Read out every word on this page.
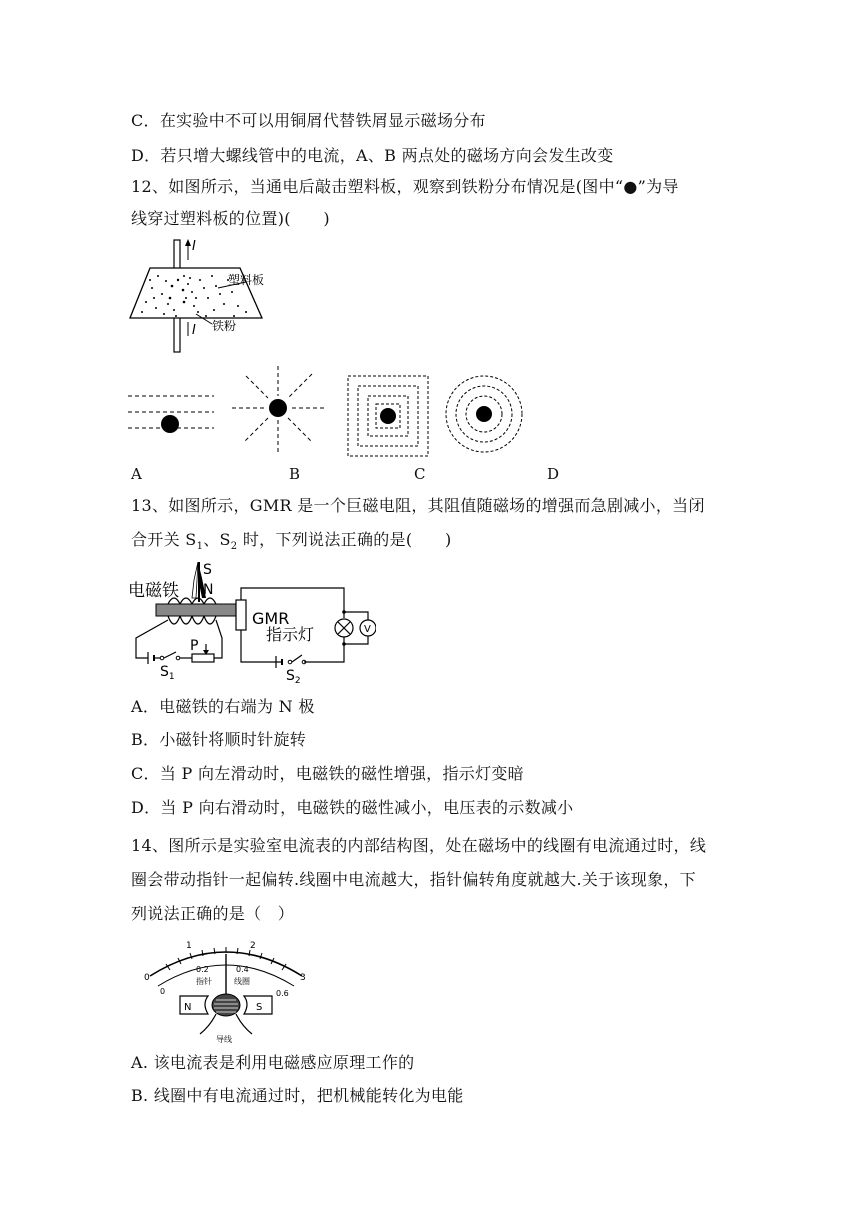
C．在实验中不可以用铜屑代替铁屑显示磁场分布
D．若只增大螺线管中的电流，A、B 两点处的磁场方向会发生改变
12、如图所示，当通电后敲击塑料板，观察到铁粉分布情况是(图中“●”为导
线穿过塑料板的位置)(　　)
I
I
塑料板
铁粉
A	B	C	D
13、如图所示，GMR 是一个巨磁电阻，其阻值随磁场的增强而急剧减小，当闭
合开关 $S_1$、$S_2$ 时，下列说法正确的是(　　)
电磁铁
S
N
$S_1$
P
GMR
$S_2$
指示灯	V
A．电磁铁的右端为 N 极
B．小磁针将顺时针旋转
C．当 P 向左滑动时，电磁铁的磁性增强，指示灯变暗
D．当 P 向右滑动时，电磁铁的磁性减小，电压表的示数减小
14、图所示是实验室电流表的内部结构图，处在磁场中的线圈有电流通过时，线
圈会带动指针一起偏转.线圈中电流越大，指针偏转角度就越大.关于该现象，下
列说法正确的是（　）
0
1	2
3
0
0.2	0.4
0.6
指针	线圈
N	S
导线
A. 该电流表是利用电磁感应原理工作的
B. 线圈中有电流通过时，把机械能转化为电能
